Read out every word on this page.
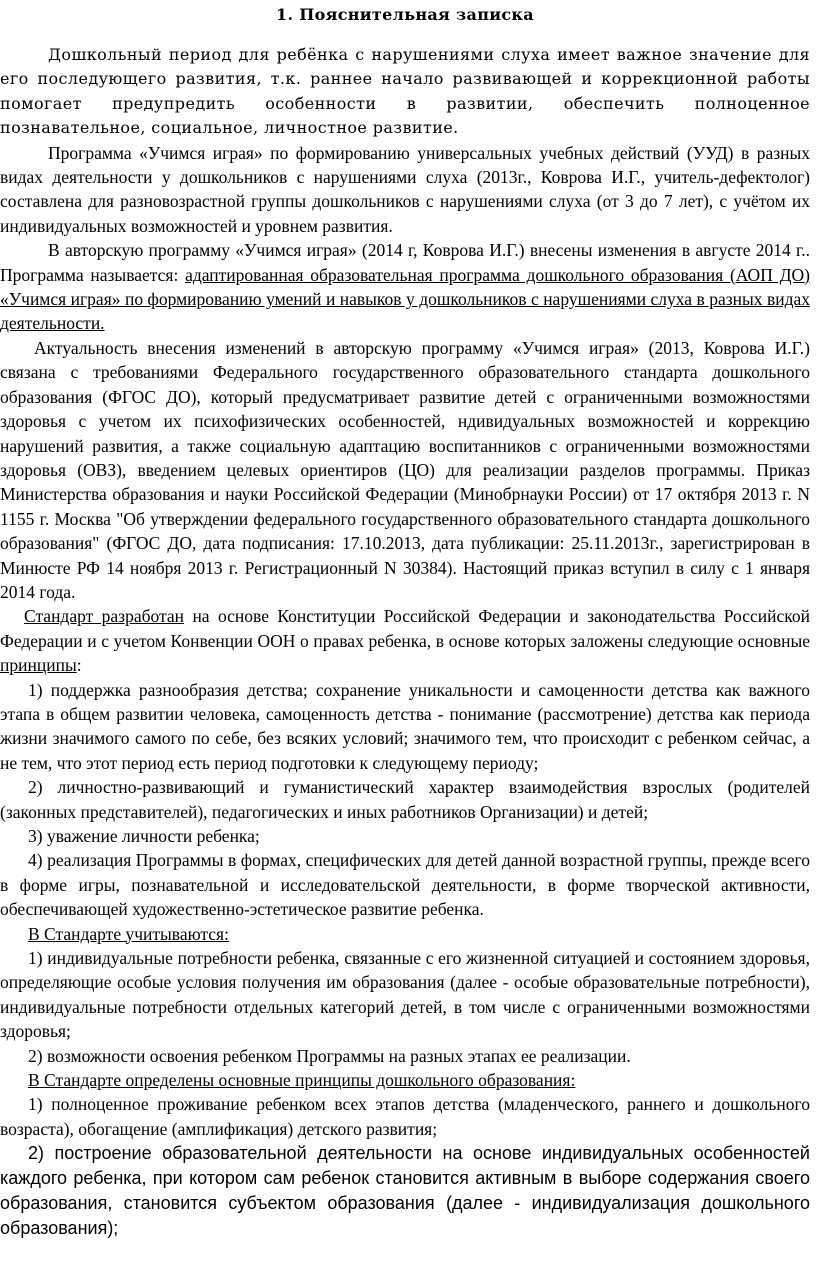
1. Пояснительная записка

Дошкольный период для ребёнка с нарушениями слуха имеет важное значение для его последующего развития, т.к. раннее начало развивающей и коррекционной работы помогает предупредить особенности в развитии, обеспечить полноценное познавательное, социальное, личностное развитие.

Программа «Учимся играя» по формированию универсальных учебных действий (УУД) в разных видах деятельности у дошкольников с нарушениями слуха (2013г., Коврова И.Г., учитель-дефектолог) составлена для разновозрастной группы дошкольников с нарушениями слуха (от 3 до 7 лет), с учётом их индивидуальных возможностей и уровнем развития.

В авторскую программу «Учимся играя» (2014 г, Коврова И.Г.) внесены изменения в августе 2014 г.. Программа называется: адаптированная образовательная программа дошкольного образования (АОП ДО) «Учимся играя» по формированию умений и навыков у дошкольников с нарушениями слуха в разных видах деятельности.

Актуальность внесения изменений в авторскую программу «Учимся играя» (2013, Коврова И.Г.) связана с требованиями Федерального государственного образовательного стандарта дошкольного образования (ФГОС ДО), который предусматривает развитие детей с ограниченными возможностями здоровья с учетом их психофизических особенностей, ндивидуальных возможностей и коррекцию нарушений развития, а также социальную адаптацию воспитанников с ограниченными возможностями здоровья (ОВЗ), введением целевых ориентиров (ЦО) для реализации разделов программы. Приказ Министерства образования и науки Российской Федерации (Минобрнауки России) от 17 октября 2013 г. N 1155 г. Москва "Об утверждении федерального государственного образовательного стандарта дошкольного образования" (ФГОС ДО, дата подписания: 17.10.2013, дата публикации: 25.11.2013г., зарегистрирован в Минюсте РФ 14 ноября 2013 г. Регистрационный N 30384). Настоящий приказ вступил в силу с 1 января 2014 года.

Стандарт разработан на основе Конституции Российской Федерации и законодательства Российской Федерации и с учетом Конвенции ООН о правах ребенка, в основе которых заложены следующие основные принципы:

1) поддержка разнообразия детства; сохранение уникальности и самоценности детства как важного этапа в общем развитии человека, самоценность детства - понимание (рассмотрение) детства как периода жизни значимого самого по себе, без всяких условий; значимого тем, что происходит с ребенком сейчас, а не тем, что этот период есть период подготовки к следующему периоду;

2) личностно-развивающий и гуманистический характер взаимодействия взрослых (родителей (законных представителей), педагогических и иных работников Организации) и детей;

3) уважение личности ребенка;

4) реализация Программы в формах, специфических для детей данной возрастной группы, прежде всего в форме игры, познавательной и исследовательской деятельности, в форме творческой активности, обеспечивающей художественно-эстетическое развитие ребенка.

В Стандарте учитываются:

1) индивидуальные потребности ребенка, связанные с его жизненной ситуацией и состоянием здоровья, определяющие особые условия получения им образования (далее - особые образовательные потребности), индивидуальные потребности отдельных категорий детей, в том числе с ограниченными возможностями здоровья;

2) возможности освоения ребенком Программы на разных этапах ее реализации.

В Стандарте определены основные принципы дошкольного образования:

1) полноценное проживание ребенком всех этапов детства (младенческого, раннего и дошкольного возраста), обогащение (амплификация) детского развития;

2) построение образовательной деятельности на основе индивидуальных особенностей каждого ребенка, при котором сам ребенок становится активным в выборе содержания своего образования, становится субъектом образования (далее - индивидуализация дошкольного образования);
